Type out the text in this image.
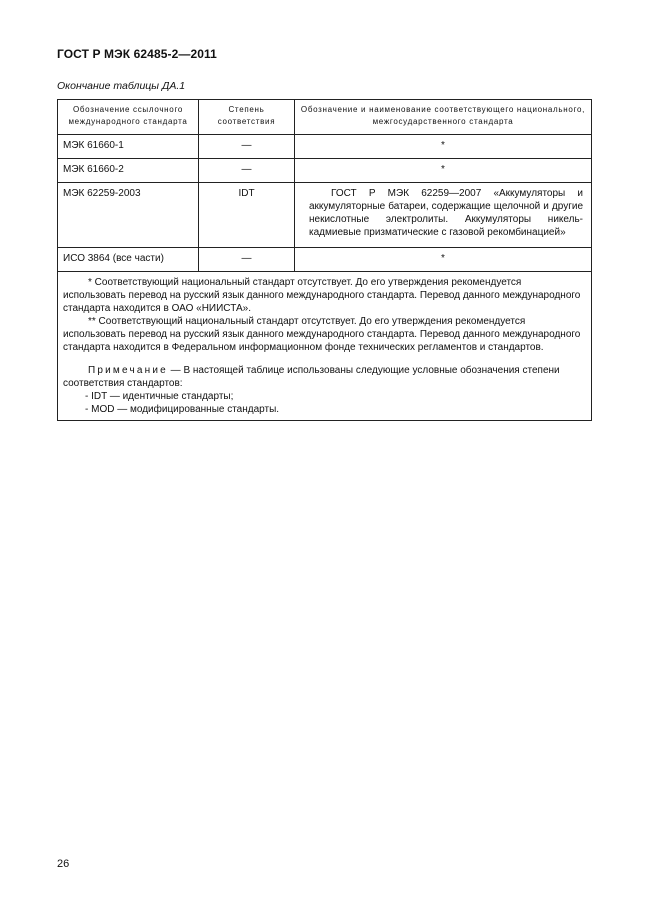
ГОСТ Р МЭК 62485-2—2011
Окончание таблицы ДА.1
Обозначение ссылочного международного стандарта	Степень соответствия	Обозначение и наименование соответствующего национального, межгосударственного стандарта
МЭК 61660-1	—	*
МЭК 61660-2	—	*
МЭК 62259-2003	IDT	ГОСТ Р МЭК 62259—2007 «Аккумуляторы и аккумуляторные батареи, содержащие щелочной и другие некислотные электролиты. Аккумуляторы никель-кадмиевые призматические с газовой рекомбинацией»

ИСО 3864 (все части)	—	*

* Соответствующий национальный стандарт отсутствует. До его утверждения рекомендуется использовать перевод на русский язык данного международного стандарта. Перевод данного международного стандарта находится в ОАО «НИИСТА».

** Соответствующий национальный стандарт отсутствует. До его утверждения рекомендуется использовать перевод на русский язык данного международного стандарта. Перевод данного международного стандарта находится в Федеральном информационном фонде технических регламентов и стандартов.

Примечание — В настоящей таблице использованы следующие условные обозначения степени соответствия стандартов:

- IDT — идентичные стандарты;
- MOD — модифицированные стандарты.		
26
